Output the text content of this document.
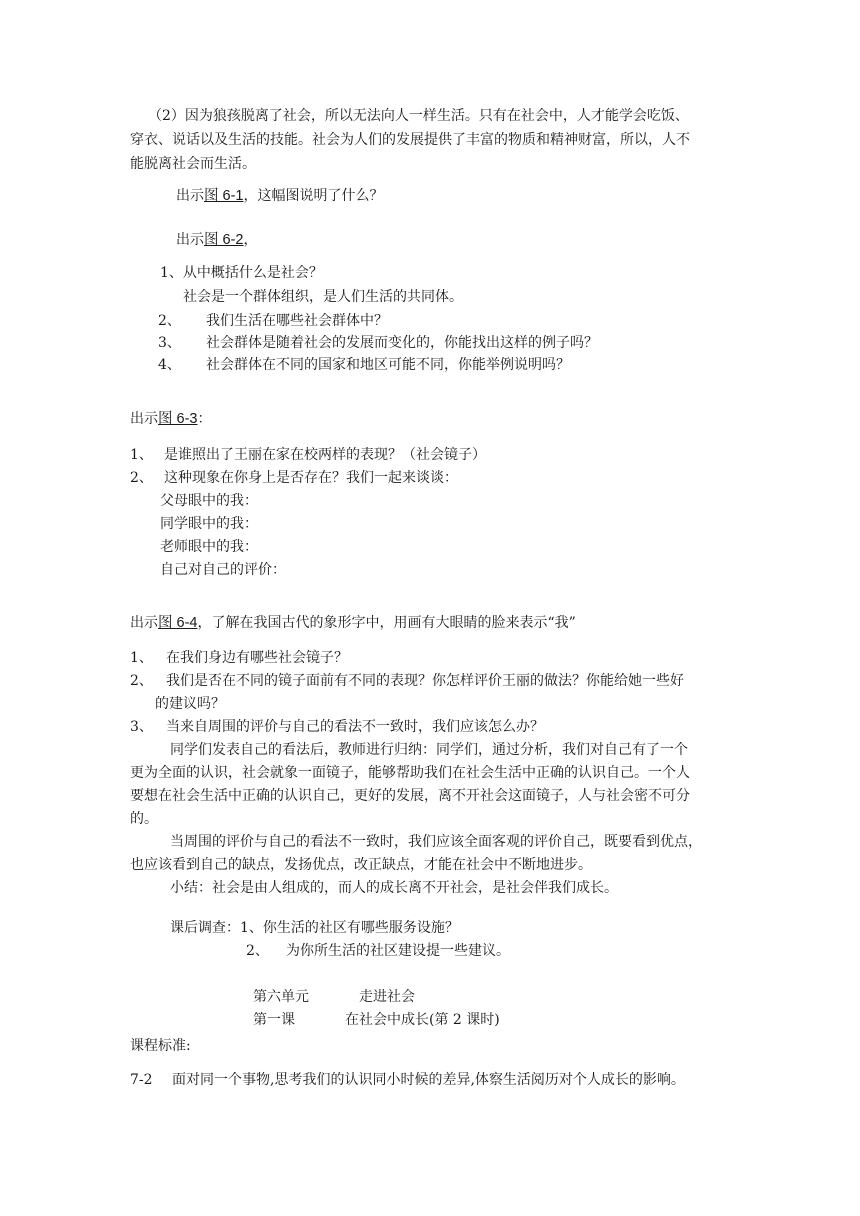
（2）因为狼孩脱离了社会，所以无法向人一样生活。只有在社会中，人才能学会吃饭、
穿衣、说话以及生活的技能。社会为人们的发展提供了丰富的物质和精神财富，所以，人不
能脱离社会而生活。
出示图 6-1，这幅图说明了什么？
出示图 6-2，
1、从中概括什么是社会？
社会是一个群体组织，是人们生活的共同体。
2、 我们生活在哪些社会群体中？
3、 社会群体是随着社会的发展而变化的，你能找出这样的例子吗？
4、 社会群体在不同的国家和地区可能不同，你能举例说明吗？
出示图 6-3：
1、 是谁照出了王丽在家在校两样的表现？（社会镜子）
2、 这种现象在你身上是否存在？我们一起来谈谈：
父母眼中的我：
同学眼中的我：
老师眼中的我：
自己对自己的评价：
出示图 6-4，了解在我国古代的象形字中，用画有大眼睛的脸来表示“我”
1、 在我们身边有哪些社会镜子？
2、 我们是否在不同的镜子面前有不同的表现？你怎样评价王丽的做法？你能给她一些好
的建议吗？
3、 当来自周围的评价与自己的看法不一致时，我们应该怎么办？
同学们发表自己的看法后，教师进行归纳：同学们，通过分析，我们对自己有了一个
更为全面的认识，社会就象一面镜子，能够帮助我们在社会生活中正确的认识自己。一个人
要想在社会生活中正确的认识自己，更好的发展，离不开社会这面镜子，人与社会密不可分
的。
当周围的评价与自己的看法不一致时，我们应该全面客观的评价自己，既要看到优点，
也应该看到自己的缺点，发扬优点，改正缺点，才能在社会中不断地进步。
小结：社会是由人组成的，而人的成长离不开社会，是社会伴我们成长。
课后调查：1、你生活的社区有哪些服务设施？
2、 为你所生活的社区建设提一些建议。
第六单元	走进社会
第一课	在社会中成长(第 2 课时)
课程标准:
7-2 面对同一个事物,思考我们的认识同小时候的差异,体察生活阅历对个人成长的影响。
